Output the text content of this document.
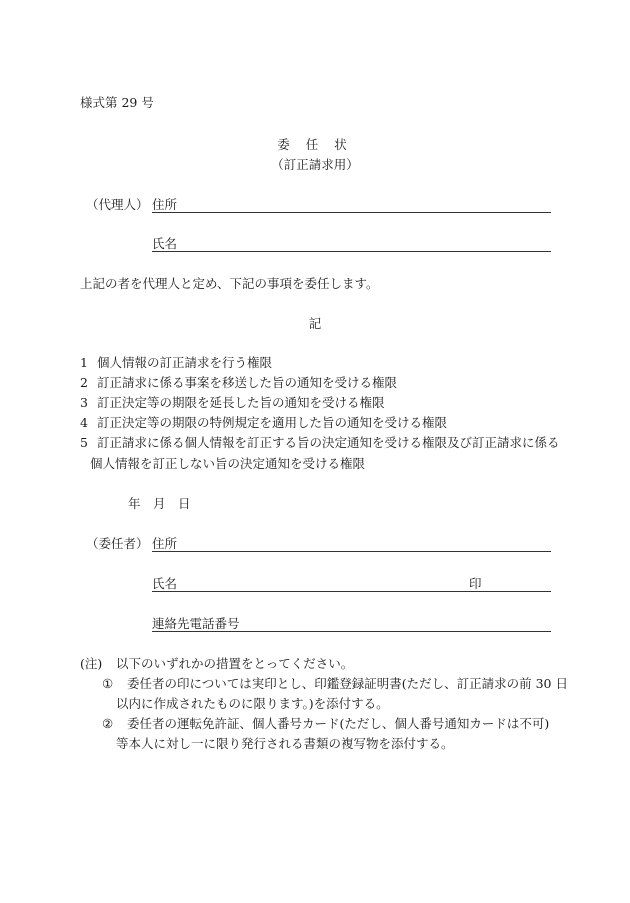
様式第 29 号
委 任 状
（訂正請求用）
（代理人） 住所
氏名
上記の者を代理人と定め、下記の事項を委任します。
記
1 個人情報の訂正請求を行う権限
2 訂正請求に係る事案を移送した旨の通知を受ける権限
3 訂正決定等の期限を延長した旨の通知を受ける権限
4 訂正決定等の期限の特例規定を適用した旨の通知を受ける権限
5 訂正請求に係る個人情報を訂正する旨の決定通知を受ける権限及び訂正請求に係る
個人情報を訂正しない旨の決定通知を受ける権限
年 月 日
（委任者） 住所
氏名	印
連絡先電話番号
(注) 以下のいずれかの措置をとってください。
① 委任者の印については実印とし、印鑑登録証明書(ただし、訂正請求の前 30 日
以内に作成されたものに限ります。)を添付する。
② 委任者の運転免許証、個人番号カード(ただし、個人番号通知カードは不可)
等本人に対し一に限り発行される書類の複写物を添付する。
